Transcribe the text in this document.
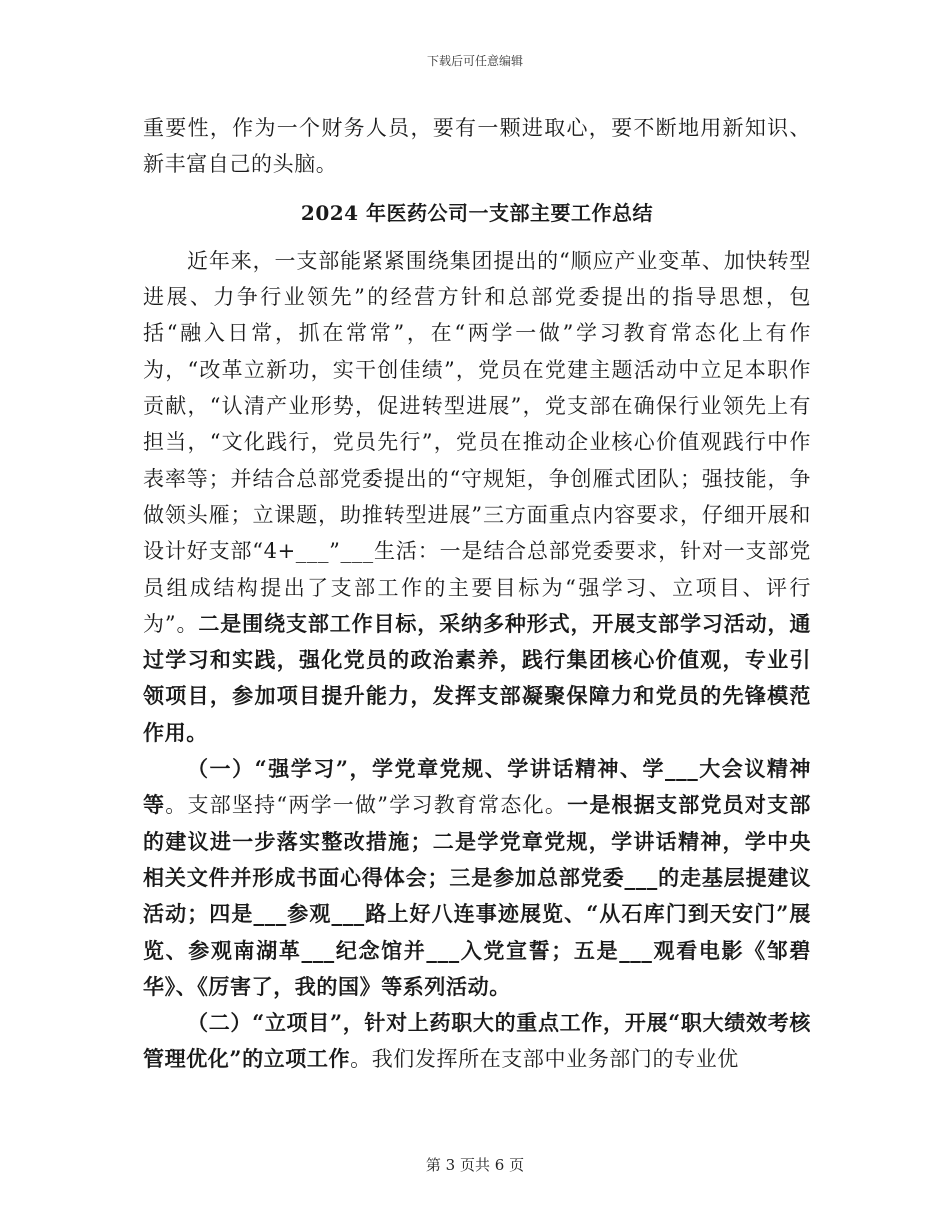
下载后可任意编辑

重要性，作为一个财务人员，要有一颗进取心，要不断地用新知识、新丰富自己的头脑。

2024 年医药公司一支部主要工作总结

近年来，一支部能紧紧围绕集团提出的“顺应产业变革、加快转型进展、力争行业领先”的经营方针和总部党委提出的指导思想，包括“融入日常，抓在常常”，在“两学一做”学习教育常态化上有作为，“改革立新功，实干创佳绩”，党员在党建主题活动中立足本职作贡献，“认清产业形势，促进转型进展”，党支部在确保行业领先上有担当，“文化践行，党员先行”，党员在推动企业核心价值观践行中作表率等；并结合总部党委提出的“守规矩，争创雁式团队；强技能，争做领头雁；立课题，助推转型进展”三方面重点内容要求，仔细开展和设计好支部“4+___”___生活：一是结合总部党委要求，针对一支部党员组成结构提出了支部工作的主要目标为“强学习、立项目、评行为”。二是围绕支部工作目标，采纳多种形式，开展支部学习活动，通过学习和实践，强化党员的政治素养，践行集团核心价值观，专业引领项目，参加项目提升能力，发挥支部凝聚保障力和党员的先锋模范作用。

（一）“强学习”，学党章党规、学讲话精神、学___大会议精神等。支部坚持“两学一做”学习教育常态化。一是根据支部党员对支部的建议进一步落实整改措施；二是学党章党规，学讲话精神，学中央相关文件并形成书面心得体会；三是参加总部党委___的走基层提建议活动；四是___参观___路上好八连事迹展览、“从石库门到天安门”展览、参观南湖革___纪念馆并___入党宣誓；五是___观看电影《邹碧华》、《厉害了，我的国》等系列活动。

（二）“立项目”，针对上药职大的重点工作，开展“职大绩效考核管理优化”的立项工作。我们发挥所在支部中业务部门的专业优

第 3 页共 6 页
